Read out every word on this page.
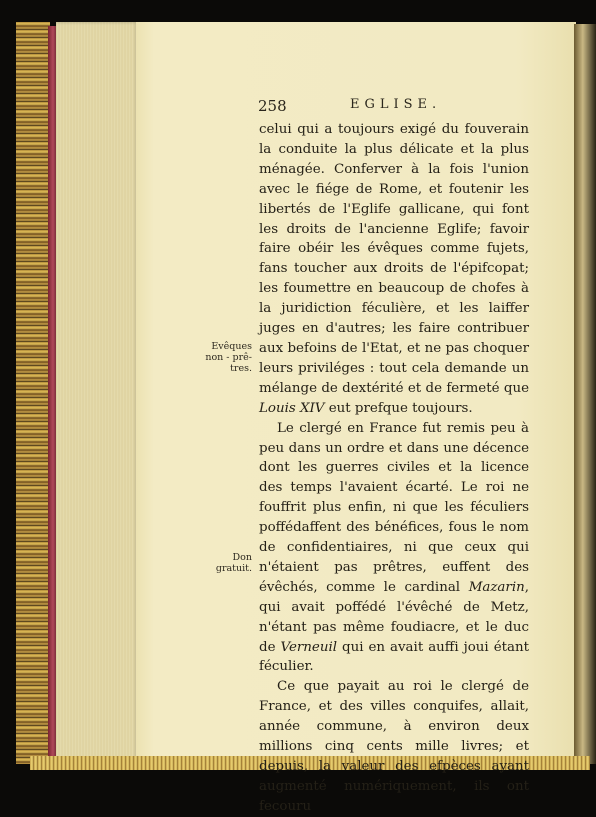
258	EGLISE.

celui qui a toujours exigé du fouverain la conduite la plus délicate et la plus ménagée. Conferver à la fois l'union avec le fiége de Rome, et foutenir les libertés de l'Eglife gallicane, qui font les droits de l'ancienne Eglife; favoir faire obéir les évêques comme fujets, fans toucher aux droits de l'épifcopat; les foumettre en beaucoup de chofes à la juridiction féculière, et les laiffer juges en d'autres; les faire contribuer aux befoins de l'Etat, et ne pas choquer leurs priviléges : tout cela demande un mélange de dextérité et de fermeté que Louis XIV eut prefque toujours.

Le clergé en France fut remis peu à peu dans un ordre et dans une décence dont les guerres civiles et la licence des temps l'avaient écarté. Le roi ne fouffrit plus enfin, ni que les féculiers poffédaffent des bénéfices, fous le nom de confidentiaires, ni que ceux qui n'étaient pas prêtres, euffent des évêchés, comme le cardinal Mazarin, qui avait poffédé l'évêché de Metz, n'étant pas même foudiacre, et le duc de Verneuil qui en avait auffi joui étant féculier.

Ce que payait au roi le clergé de France, et des villes conquifes, allait, année commune, à environ deux millions cinq cents mille livres; et depuis, la valeur des efpèces ayant augmenté numériquement, ils ont fecouru

Evêques non - prê-tres.
Don gratuit.
